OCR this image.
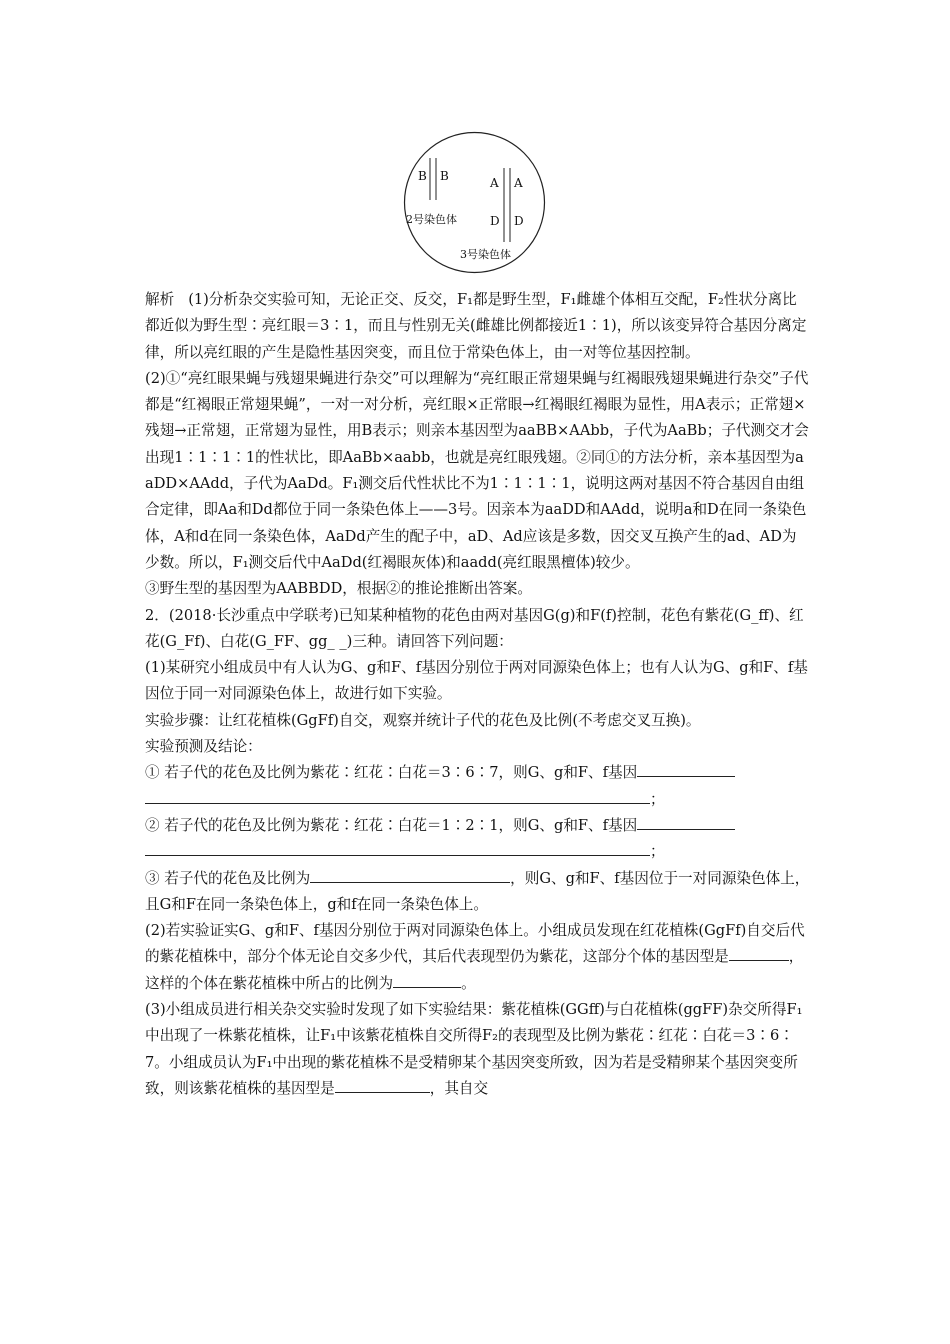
B B
2号染色体
A A
D D
3号染色体

解析 (1)分析杂交实验可知，无论正交、反交，F₁都是野生型，F₁雌雄个体相互交配，F₂性状分离比都近似为野生型∶亮红眼＝3∶1，而且与性别无关(雌雄比例都接近1∶1)，所以该变异符合基因分离定律，所以亮红眼的产生是隐性基因突变，而且位于常染色体上，由一对等位基因控制。

(2)①“亮红眼果蝇与残翅果蝇进行杂交”可以理解为“亮红眼正常翅果蝇与红褐眼残翅果蝇进行杂交”子代都是“红褐眼正常翅果蝇”，一对一对分析，亮红眼×正常眼→红褐眼红褐眼为显性，用A表示；正常翅×残翅→正常翅，正常翅为显性，用B表示；则亲本基因型为aaBB×AAbb，子代为AaBb；子代测交才会出现1∶1∶1∶1的性状比，即AaBb×aabb，也就是亮红眼残翅。②同①的方法分析，亲本基因型为aaDD×AAdd，子代为AaDd。F₁测交后代性状比不为1∶1∶1∶1，说明这两对基因不符合基因自由组合定律，即Aa和Dd都位于同一条染色体上——3号。因亲本为aaDD和AAdd，说明a和D在同一条染色体，A和d在同一条染色体，AaDd产生的配子中，aD、Ad应该是多数，因交叉互换产生的ad、AD为少数。所以，F₁测交后代中AaDd(红褐眼灰体)和aadd(亮红眼黑檀体)较少。

③野生型的基因型为AABBDD，根据②的推论推断出答案。

2．(2018·长沙重点中学联考)已知某种植物的花色由两对基因G(g)和F(f)控制，花色有紫花(G_ff)、红花(G_Ff)、白花(G_FF、gg_ _)三种。请回答下列问题：

(1)某研究小组成员中有人认为G、g和F、f基因分别位于两对同源染色体上；也有人认为G、g和F、f基因位于同一对同源染色体上，故进行如下实验。

实验步骤：让红花植株(GgFf)自交，观察并统计子代的花色及比例(不考虑交叉互换)。

实验预测及结论：

① 若子代的花色及比例为紫花∶红花∶白花＝3∶6∶7，则G、g和F、f基因；

② 若子代的花色及比例为紫花∶红花∶白花＝1∶2∶1，则G、g和F、f基因；

③ 若子代的花色及比例为	，则G、g和F、f基因位于一对同源染色体上，且G和F在同一条染色体上，g和f在同一条染色体上。

(2)若实验证实G、g和F、f基因分别位于两对同源染色体上。小组成员发现在红花植株(GgFf)自交后代的紫花植株中，部分个体无论自交多少代，其后代表现型仍为紫花，这部分个体的基因型是	，这样的个体在紫花植株中所占的比例为	。

(3)小组成员进行相关杂交实验时发现了如下实验结果：紫花植株(GGff)与白花植株(ggFF)杂交所得F₁中出现了一株紫花植株，让F₁中该紫花植株自交所得F₂的表现型及比例为紫花∶红花∶白花＝3∶6∶7。小组成员认为F₁中出现的紫花植株不是受精卵某个基因突变所致，因为若是受精卵某个基因突变所致，则该紫花植株的基因型是	，其自交
